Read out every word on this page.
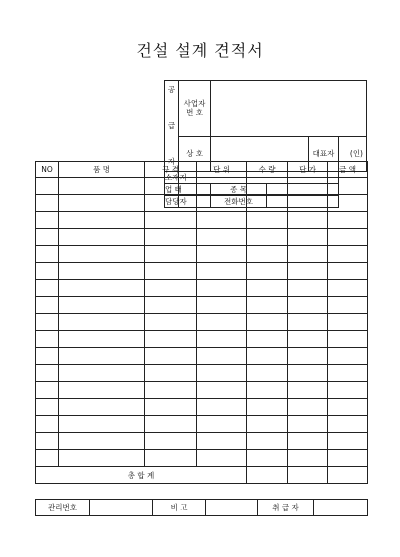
건설 설계 견적서
공

급

자	사업자
번 호				
	상 호			대표자	(인)
소재지					
업 태		종 목			
담당자		전화번호			
NO	품 명	규 격	단 위	수 량	단 가	금 액

총 합 계						
관리번호		비 고		취 급 자	
